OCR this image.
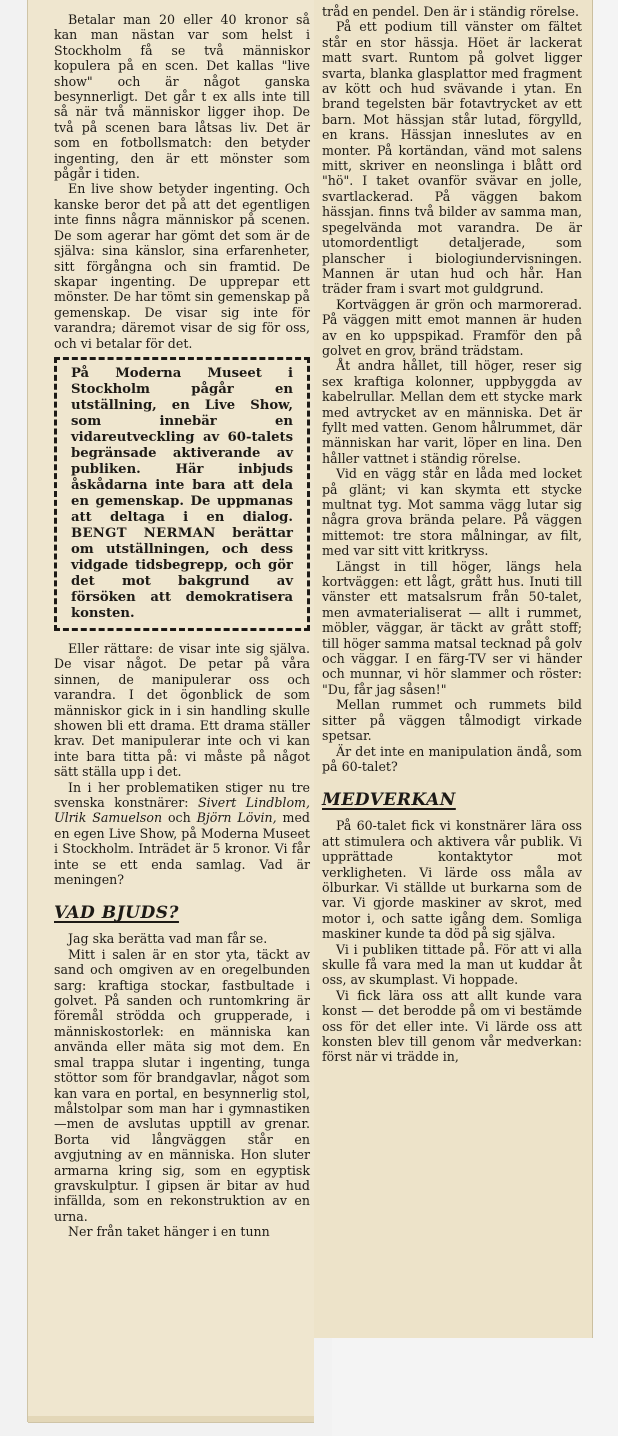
Betalar man 20 eller 40 kronor så kan man nästan var som helst i Stockholm få se två människor kopulera på en scen. Det kallas "live show" och är något ganska besynnerligt. Det går t ex alls inte till så när två människor ligger ihop. De två på scenen bara låtsas liv. Det är som en fotbollsmatch: den betyder ingenting, den är ett mönster som pågår i tiden.

En live show betyder ingenting. Och kanske beror det på att det egentligen inte finns några människor på scenen. De som agerar har gömt det som är de själva: sina känslor, sina erfarenheter, sitt förgångna och sin framtid. De skapar ingenting. De upprepar ett mönster. De har tömt sin gemenskap på gemenskap. De visar sig inte för varandra; däremot visar de sig för oss, och vi betalar för det.

På Moderna Museet i Stockholm pågår en utställning, en Live Show, som innebär en vidareutveckling av 60-talets begränsade aktiverande av publiken. Här inbjuds åskådarna inte bara att dela en gemenskap. De uppmanas att deltaga i en dialog. BENGT NERMAN berättar om utställningen, och dess vidgade tidsbegrepp, och gör det mot bakgrund av försöken att demokratisera konsten.

Eller rättare: de visar inte sig själva. De visar något. De petar på våra sinnen, de manipulerar oss och varandra. I det ögonblick de som människor gick in i sin handling skulle showen bli ett drama. Ett drama ställer krav. Det manipulerar inte och vi kan inte bara titta på: vi måste på något sätt ställa upp i det.

In i her problematiken stiger nu tre svenska konstnärer: Sivert Lindblom, Ulrik Samuelson och Björn Lövin, med en egen Live Show, på Moderna Museet i Stockholm. Inträdet är 5 kronor. Vi får inte se ett enda samlag. Vad är meningen?

VAD BJUDS?

Jag ska berätta vad man får se.

Mitt i salen är en stor yta, täckt av sand och omgiven av en oregelbunden sarg: kraftiga stockar, fastbultade i golvet. På sanden och runtomkring är föremål strödda och grupperade, i människostorlek: en människa kan använda eller mäta sig mot dem. En smal trappa slutar i ingenting, tunga stöttor som för brandgavlar, något som kan vara en portal, en besynnerlig stol, målstolpar som man har i gymnastiken —men de avslutas upptill av grenar. Borta vid långväggen står en avgjutning av en människa. Hon sluter armarna kring sig, som en egyptisk gravskulptur. I gipsen är bitar av hud infällda, som en rekonstruktion av en urna.

Ner från taket hänger i en tunn

tråd en pendel. Den är i ständig rörelse.

På ett podium till vänster om fältet står en stor hässja. Höet är lackerat matt svart. Runtom på golvet ligger svarta, blanka glasplattor med fragment av kött och hud svävande i ytan. En brand tegelsten bär fotavtrycket av ett barn. Mot hässjan står lutad, förgylld, en krans. Hässjan inneslutes av en monter. På kortändan, vänd mot salens mitt, skriver en neonslinga i blått ord "hö". I taket ovanför svävar en jolle, svartlackerad. På väggen bakom hässjan. finns två bilder av samma man, spegelvända mot varandra. De är utomordentligt detaljerade, som planscher i biologiundervisningen. Mannen är utan hud och hår. Han träder fram i svart mot guldgrund.

Kortväggen är grön och marmorerad. På väggen mitt emot mannen är huden av en ko uppspikad. Framför den på golvet en grov, bränd trädstam.

Åt andra hållet, till höger, reser sig sex kraftiga kolonner, uppbyggda av kabelrullar. Mellan dem ett stycke mark med avtrycket av en människa. Det är fyllt med vatten. Genom hålrummet, där människan har varit, löper en lina. Den håller vattnet i ständig rörelse.

Vid en vägg står en låda med locket på glänt; vi kan skymta ett stycke multnat tyg. Mot samma vägg lutar sig några grova brända pelare. På väggen mittemot: tre stora målningar, av filt, med var sitt vitt kritkryss.

Längst in till höger, längs hela kortväggen: ett lågt, grått hus. Inuti till vänster ett matsalsrum från 50-talet, men avmaterialiserat — allt i rummet, möbler, väggar, är täckt av grått stoff; till höger samma matsal tecknad på golv och väggar. I en färg-TV ser vi händer och munnar, vi hör slammer och röster: "Du, får jag såsen!"

Mellan rummet och rummets bild sitter på väggen tålmodigt virkade spetsar.

Är det inte en manipulation ändå, som på 60-talet?

MEDVERKAN

På 60-talet fick vi konstnärer lära oss att stimulera och aktivera vår publik. Vi upprättade kontaktytor mot verkligheten. Vi lärde oss måla av ölburkar. Vi ställde ut burkarna som de var. Vi gjorde maskiner av skrot, med motor i, och satte igång dem. Somliga maskiner kunde ta död på sig själva.

Vi i publiken tittade på. För att vi alla skulle få vara med la man ut kuddar åt oss, av skumplast. Vi hoppade.

Vi fick lära oss att allt kunde vara konst — det berodde på om vi bestämde oss för det eller inte. Vi lärde oss att konsten blev till genom vår medverkan: först när vi trädde in,
